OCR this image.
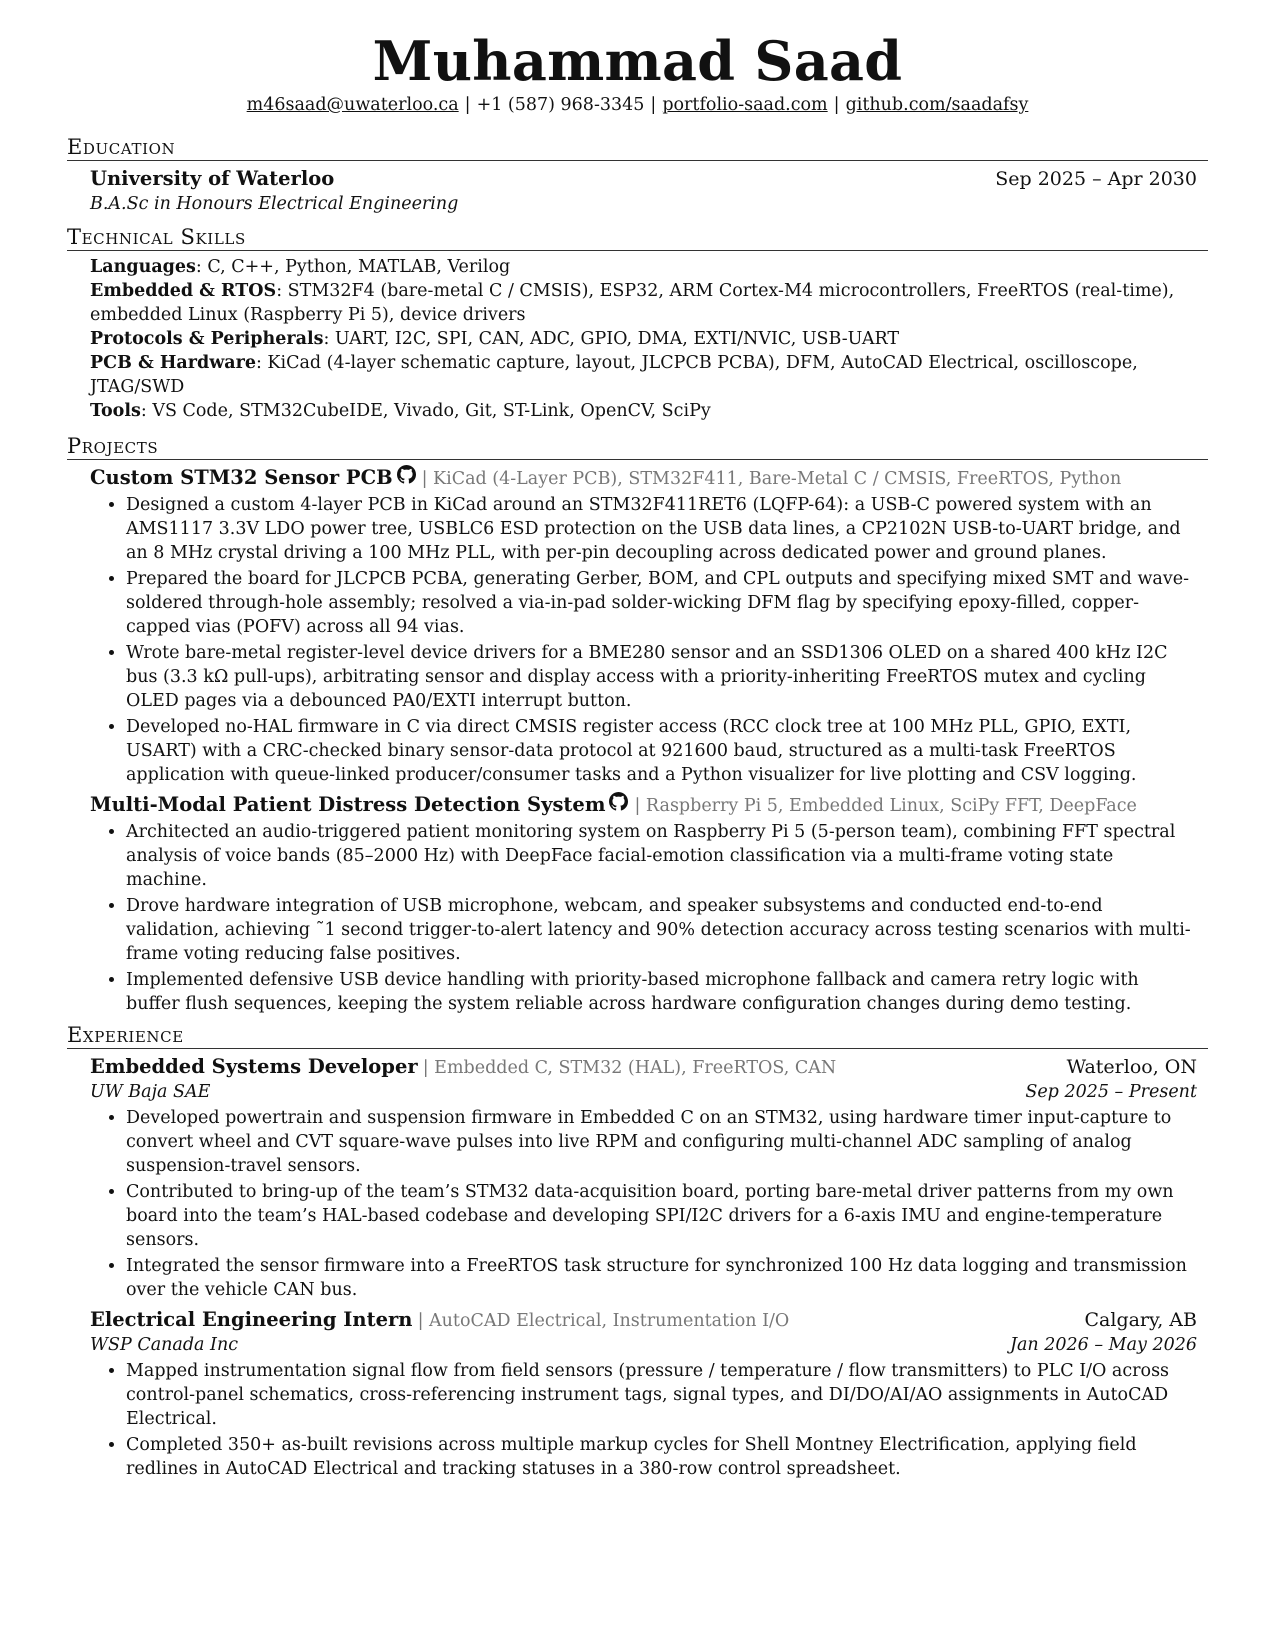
Muhammad Saad
m46saad@uwaterloo.ca | +1 (587) 968-3345 | portfolio-saad.com | github.com/saadafsy
Education
University of Waterloo	Sep 2025 – Apr 2030
B.A.Sc in Honours Electrical Engineering
Technical Skills
Languages: C, C++, Python, MATLAB, Verilog
Embedded & RTOS: STM32F4 (bare-metal C / CMSIS), ESP32, ARM Cortex-M4 microcontrollers, FreeRTOS (real-time), embedded Linux (Raspberry Pi 5), device drivers
Protocols & Peripherals: UART, I2C, SPI, CAN, ADC, GPIO, DMA, EXTI/NVIC, USB-UART
PCB & Hardware: KiCad (4-layer schematic capture, layout, JLCPCB PCBA), DFM, AutoCAD Electrical, oscilloscope, JTAG/SWD
Tools: VS Code, STM32CubeIDE, Vivado, Git, ST-Link, OpenCV, SciPy
Projects
Custom STM32 Sensor PCB | KiCad (4-Layer PCB), STM32F411, Bare-Metal C / CMSIS, FreeRTOS, Python
• Designed a custom 4-layer PCB in KiCad around an STM32F411RET6 (LQFP-64): a USB-C powered system with an AMS1117 3.3V LDO power tree, USBLC6 ESD protection on the USB data lines, a CP2102N USB-to-UART bridge, and an 8 MHz crystal driving a 100 MHz PLL, with per-pin decoupling across dedicated power and ground planes.
• Prepared the board for JLCPCB PCBA, generating Gerber, BOM, and CPL outputs and specifying mixed SMT and wave-soldered through-hole assembly; resolved a via-in-pad solder-wicking DFM flag by specifying epoxy-filled, copper-capped vias (POFV) across all 94 vias.
• Wrote bare-metal register-level device drivers for a BME280 sensor and an SSD1306 OLED on a shared 400 kHz I2C bus (3.3 kΩ pull-ups), arbitrating sensor and display access with a priority-inheriting FreeRTOS mutex and cycling OLED pages via a debounced PA0/EXTI interrupt button.
• Developed no-HAL firmware in C via direct CMSIS register access (RCC clock tree at 100 MHz PLL, GPIO, EXTI, USART) with a CRC-checked binary sensor-data protocol at 921600 baud, structured as a multi-task FreeRTOS application with queue-linked producer/consumer tasks and a Python visualizer for live plotting and CSV logging.
Multi-Modal Patient Distress Detection System | Raspberry Pi 5, Embedded Linux, SciPy FFT, DeepFace
• Architected an audio-triggered patient monitoring system on Raspberry Pi 5 (5-person team), combining FFT spectral analysis of voice bands (85–2000 Hz) with DeepFace facial-emotion classification via a multi-frame voting state machine.
• Drove hardware integration of USB microphone, webcam, and speaker subsystems and conducted end-to-end validation, achieving ˜1 second trigger-to-alert latency and 90% detection accuracy across testing scenarios with multi-frame voting reducing false positives.
• Implemented defensive USB device handling with priority-based microphone fallback and camera retry logic with buffer flush sequences, keeping the system reliable across hardware configuration changes during demo testing.
Experience
Embedded Systems Developer | Embedded C, STM32 (HAL), FreeRTOS, CAN	Waterloo, ON
UW Baja SAE	Sep 2025 – Present
• Developed powertrain and suspension firmware in Embedded C on an STM32, using hardware timer input-capture to convert wheel and CVT square-wave pulses into live RPM and configuring multi-channel ADC sampling of analog suspension-travel sensors.
• Contributed to bring-up of the team’s STM32 data-acquisition board, porting bare-metal driver patterns from my own board into the team’s HAL-based codebase and developing SPI/I2C drivers for a 6-axis IMU and engine-temperature sensors.
• Integrated the sensor firmware into a FreeRTOS task structure for synchronized 100 Hz data logging and transmission over the vehicle CAN bus.
Electrical Engineering Intern | AutoCAD Electrical, Instrumentation I/O	Calgary, AB
WSP Canada Inc	Jan 2026 – May 2026
• Mapped instrumentation signal flow from field sensors (pressure / temperature / flow transmitters) to PLC I/O across control-panel schematics, cross-referencing instrument tags, signal types, and DI/DO/AI/AO assignments in AutoCAD Electrical.
• Completed 350+ as-built revisions across multiple markup cycles for Shell Montney Electrification, applying field redlines in AutoCAD Electrical and tracking statuses in a 380-row control spreadsheet.
